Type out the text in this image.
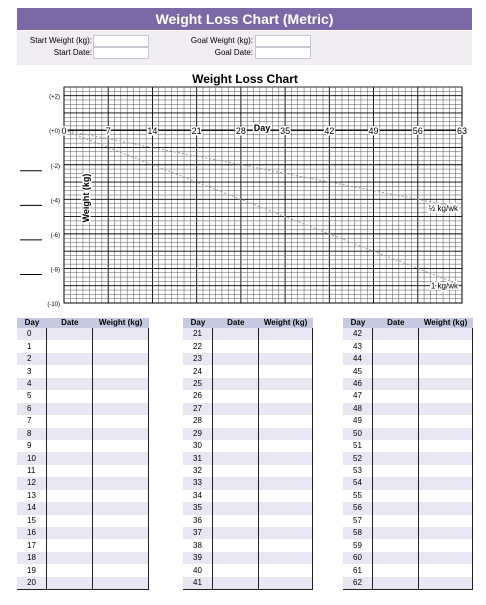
Weight Loss Chart (Metric)
Start Weight (kg):
Start Date:
Goal Weight (kg):
Goal Date:
Weight Loss Chart
0	7	14	21	28	35	42	49	56	63
(+2)
(+0)
(-2)
(-4)
(-6)
(-8)
(-10)
Day
Weight (kg)	½ kg/wk
1 kg/wk
Day	Date	Weight (kg)
0		
1		
2		
3		
4		
5		
6		
7		
8		
9		
10		
11		
12		
13		
14		
15		
16		
17		
18		
19		
20		
Day	Date	Weight (kg)
21		
22		
23		
24		
25		
26		
27		
28		
29		
30		
31		
32		
33		
34		
35		
36		
37		
38		
39		
40		
41		
Day	Date	Weight (kg)
42		
43		
44		
45		
46		
47		
48		
49		
50		
51		
52		
53		
54		
55		
56		
57		
58		
59		
60		
61		
62		
